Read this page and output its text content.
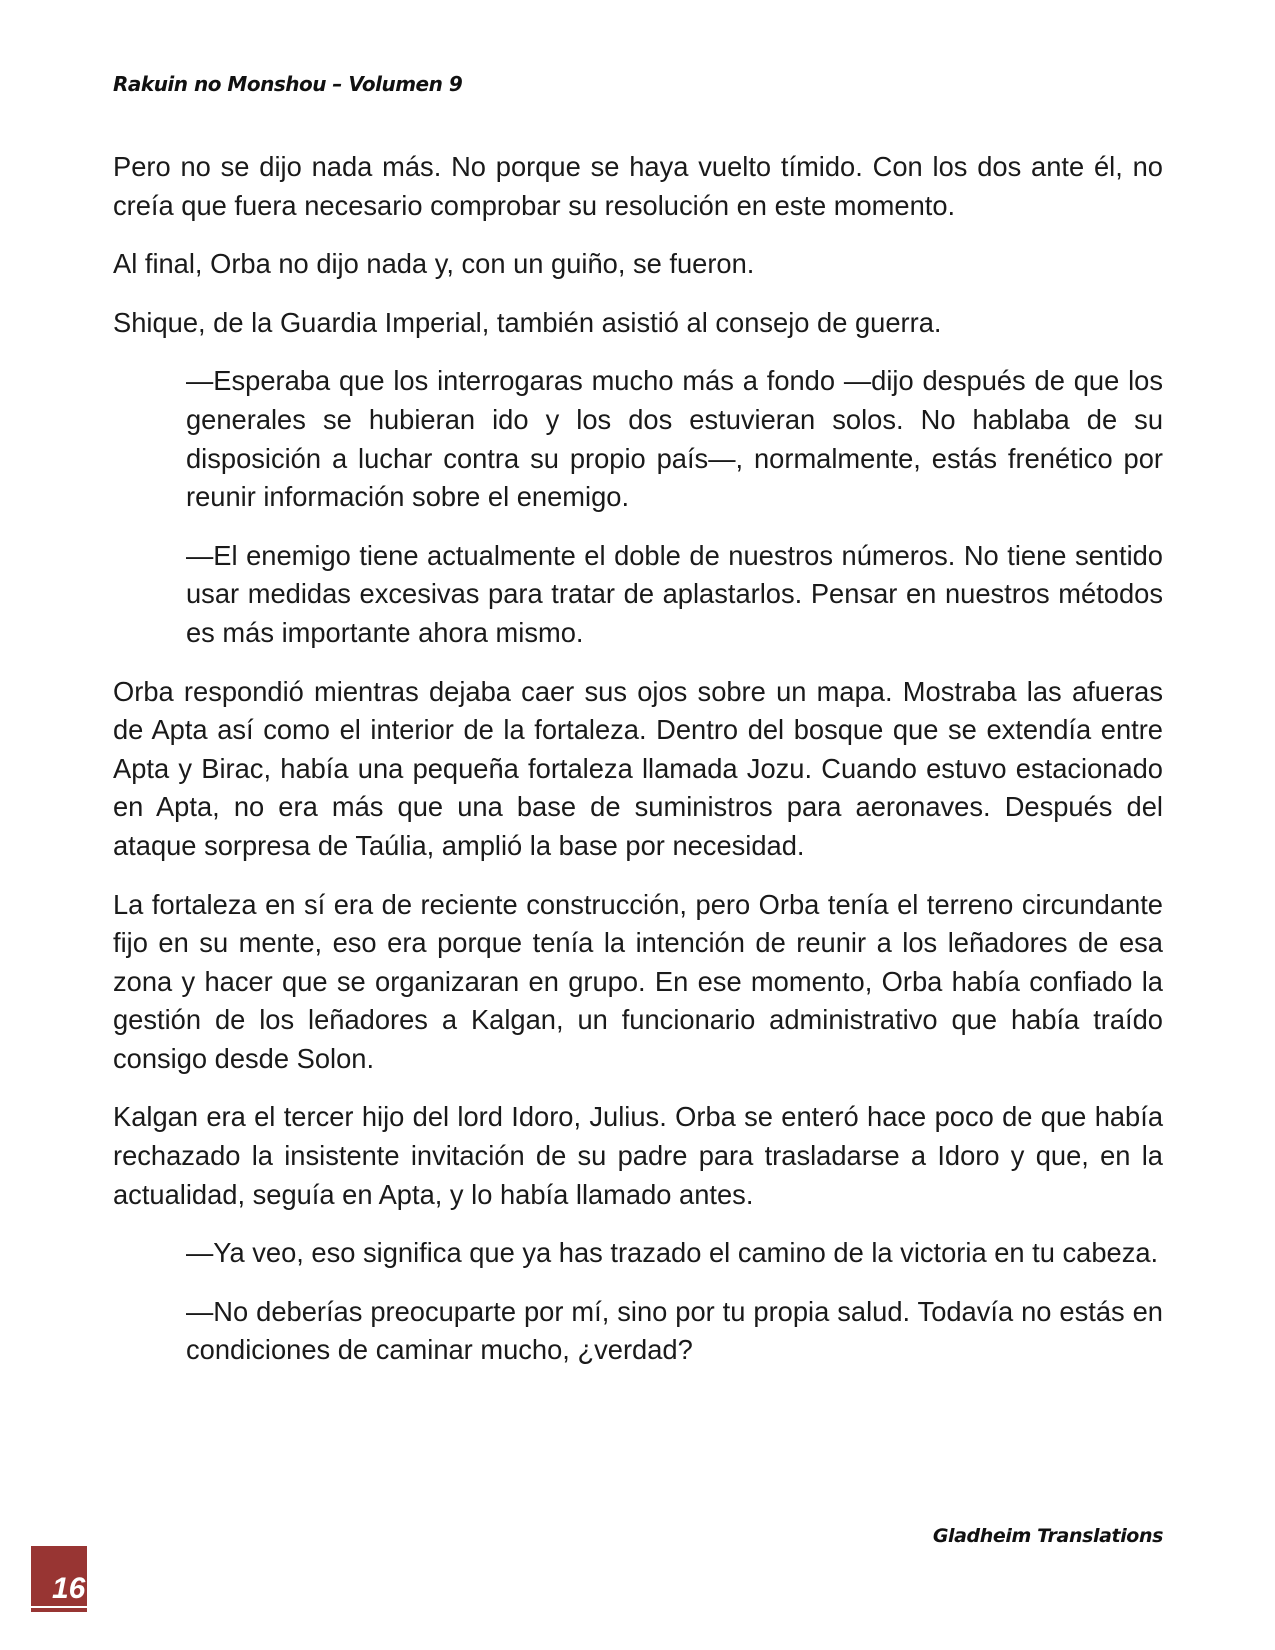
Rakuin no Monshou – Volumen 9

Pero no se dijo nada más. No porque se haya vuelto tímido. Con los dos ante él, no creía que fuera necesario comprobar su resolución en este momento.

Al final, Orba no dijo nada y, con un guiño, se fueron.

Shique, de la Guardia Imperial, también asistió al consejo de guerra.

—Esperaba que los interrogaras mucho más a fondo —dijo después de que los generales se hubieran ido y los dos estuvieran solos. No hablaba de su disposición a luchar contra su propio país—, normalmente, estás frenético por reunir información sobre el enemigo.

—El enemigo tiene actualmente el doble de nuestros números. No tiene sentido usar medidas excesivas para tratar de aplastarlos. Pensar en nuestros métodos es más importante ahora mismo.

Orba respondió mientras dejaba caer sus ojos sobre un mapa. Mostraba las afueras de Apta así como el interior de la fortaleza. Dentro del bosque que se extendía entre Apta y Birac, había una pequeña fortaleza llamada Jozu. Cuando estuvo estacionado en Apta, no era más que una base de suministros para aeronaves. Después del ataque sorpresa de Taúlia, amplió la base por necesidad.

La fortaleza en sí era de reciente construcción, pero Orba tenía el terreno circundante fijo en su mente, eso era porque tenía la intención de reunir a los leñadores de esa zona y hacer que se organizaran en grupo. En ese momento, Orba había confiado la gestión de los leñadores a Kalgan, un funcionario administrativo que había traído consigo desde Solon.

Kalgan era el tercer hijo del lord Idoro, Julius. Orba se enteró hace poco de que había rechazado la insistente invitación de su padre para trasladarse a Idoro y que, en la actualidad, seguía en Apta, y lo había llamado antes.

—Ya veo, eso significa que ya has trazado el camino de la victoria en tu cabeza.

—No deberías preocuparte por mí, sino por tu propia salud. Todavía no estás en condiciones de caminar mucho, ¿verdad?

Gladheim Translations
16
